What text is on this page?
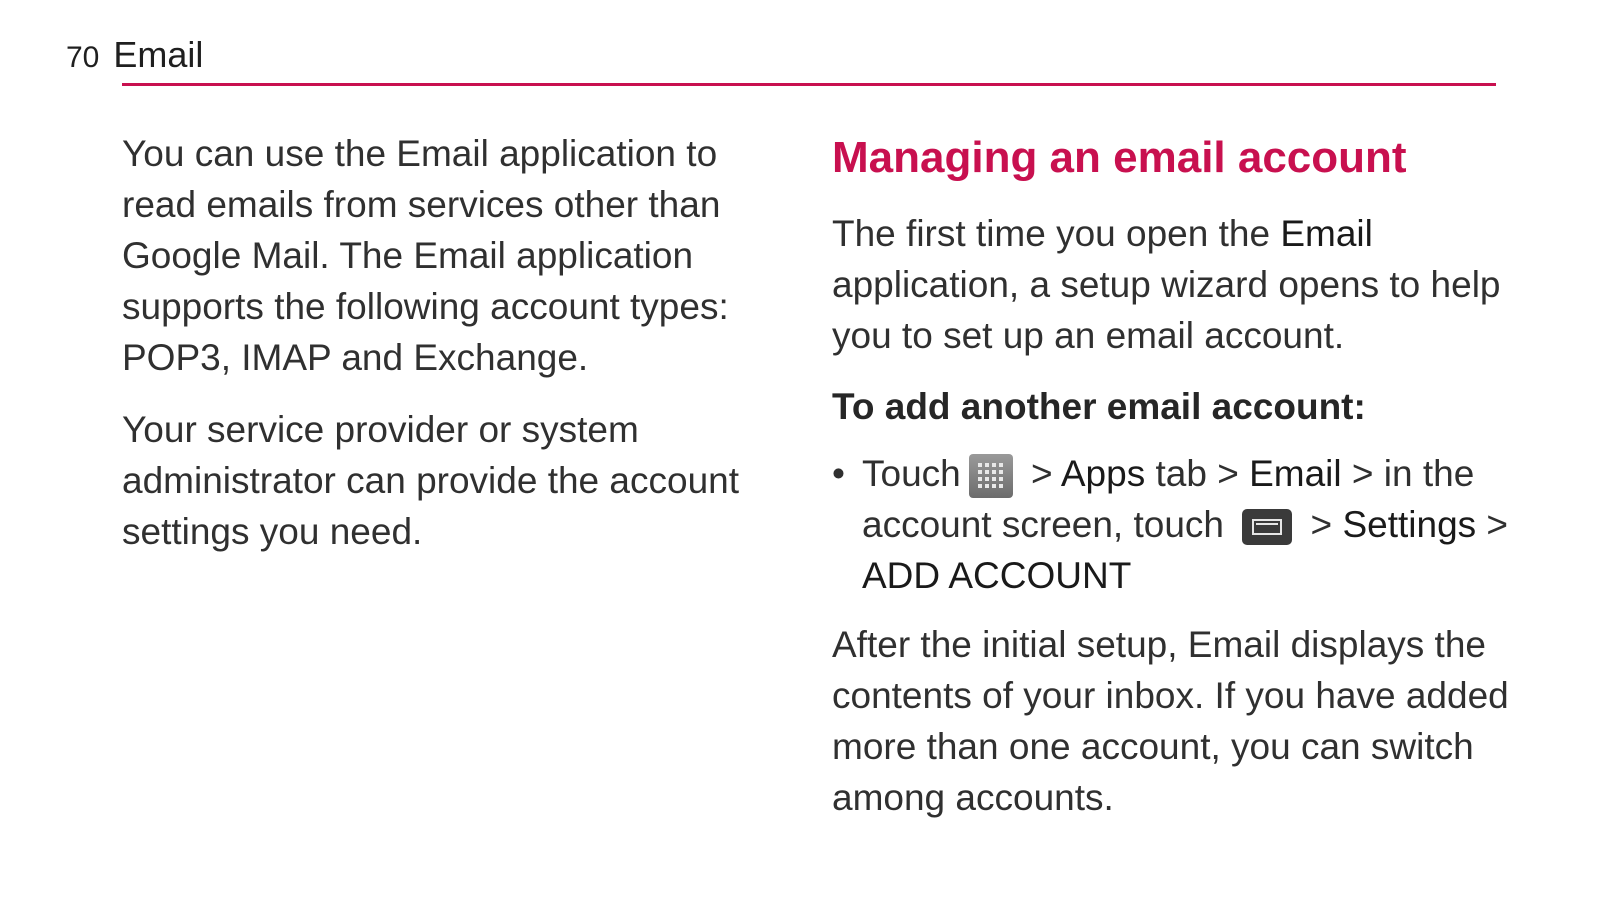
70 Email

You can use the Email application to read emails from services other than Google Mail. The Email application supports the following account types: POP3, IMAP and Exchange.

Your service provider or system administrator can provide the account settings you need.

Managing an email account

The first time you open the Email application, a setup wizard opens to help you to set up an email account.

To add another email account:

• Touch
> Apps tab > Email > in the account screen, touch
> Settings > ADD ACCOUNT

After the initial setup, Email displays the contents of your inbox. If you have added more than one account, you can switch among accounts.
